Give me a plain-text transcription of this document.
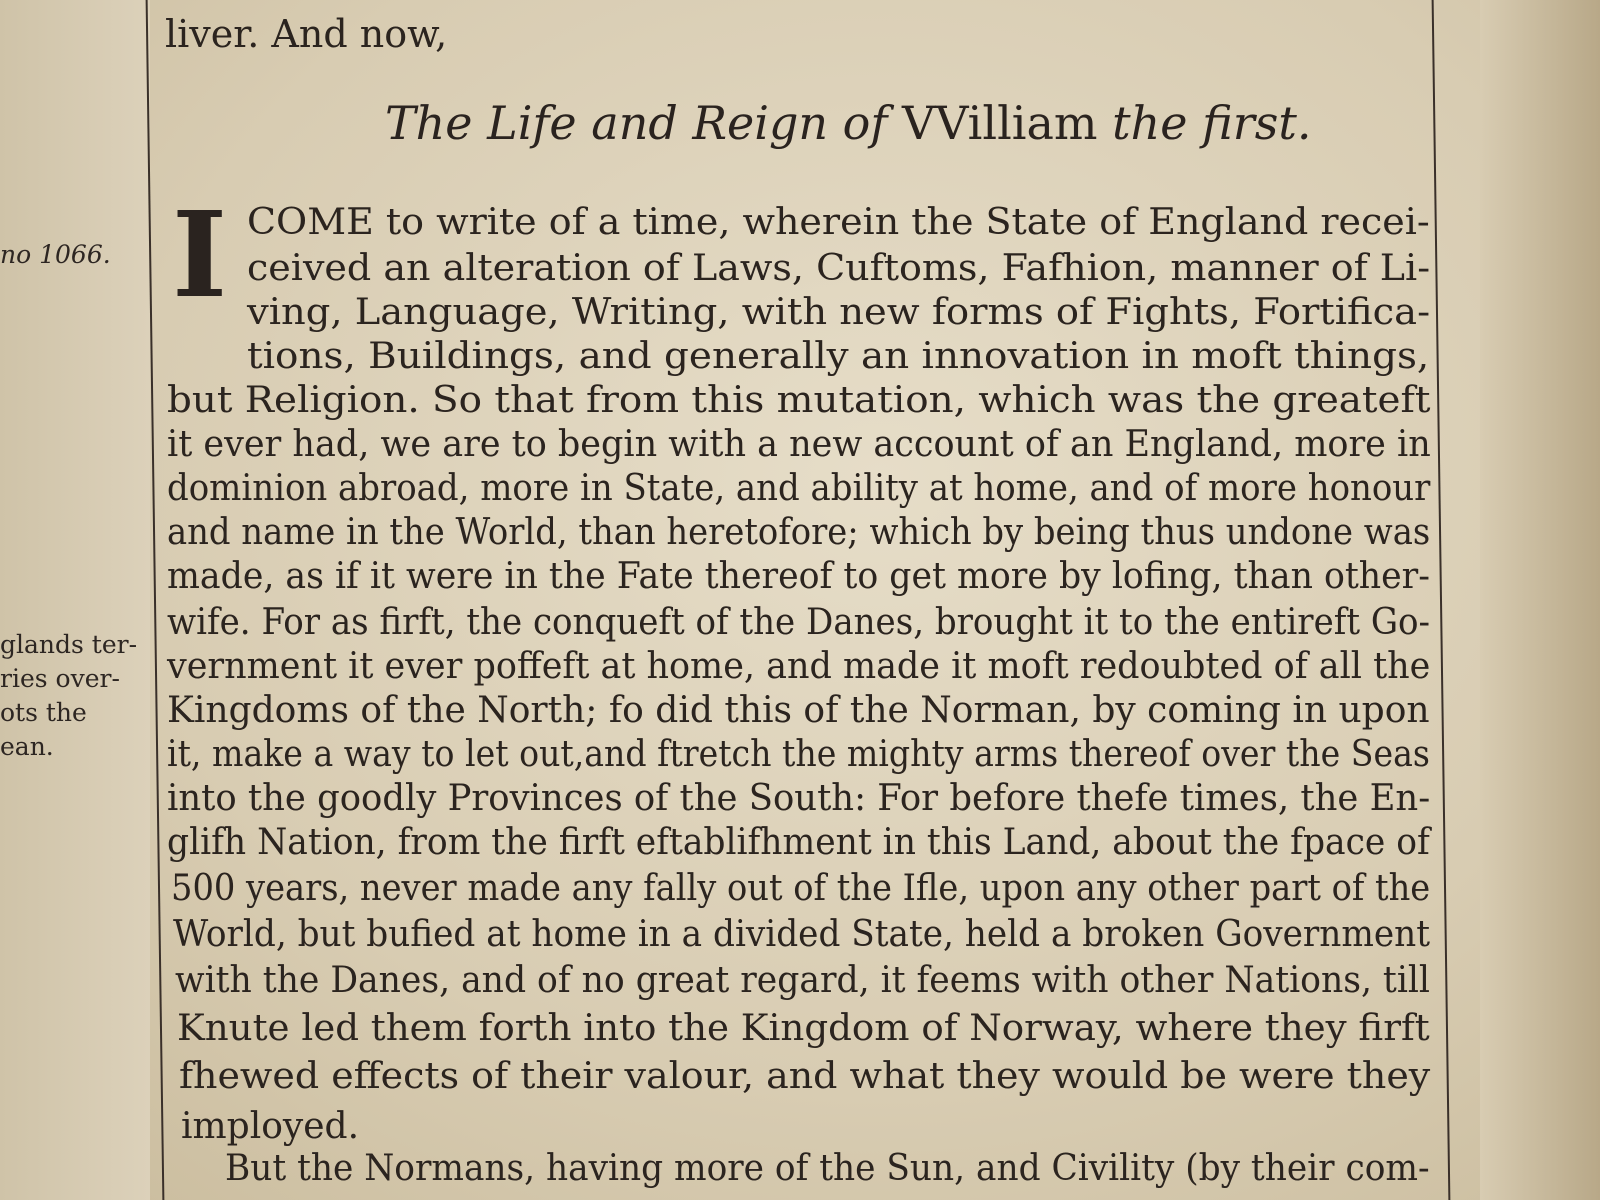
no 1066.
glands ter-
ries over-
ots the
ean.
liver. And now,
The Life and Reign of VVilliam the first.
I COME to write of a time, wherein the State of England recei-
ceived an alteration of Laws, Cuftoms, Fafhion, manner of Li-
ving, Language, Writing, with new forms of Fights, Fortifica-
tions, Buildings, and generally an innovation in moft things,
but Religion. So that from this mutation, which was the greateft
it ever had, we are to begin with a new account of an England, more in
dominion abroad, more in State, and ability at home, and of more honour
and name in the World, than heretofore; which by being thus undone was
made, as if it were in the Fate thereof to get more by lofing, than other-
wife. For as firft, the conqueft of the Danes, brought it to the entireft Go-
vernment it ever poffeft at home, and made it moft redoubted of all the
Kingdoms of the North; fo did this of the Norman, by coming in upon
it, make a way to let out,and ftretch the mighty arms thereof over the Seas
into the goodly Provinces of the South: For before thefe times, the En-
glifh Nation, from the firft eftablifhment in this Land, about the fpace of
500 years, never made any fally out of the Ifle, upon any other part of the
World, but bufied at home in a divided State, held a broken Government
with the Danes, and of no great regard, it feems with other Nations, till
Knute led them forth into the Kingdom of Norway, where they firft
fhewed effects of their valour, and what they would be were they
imployed.
But the Normans, having more of the Sun, and Civility (by their com-
